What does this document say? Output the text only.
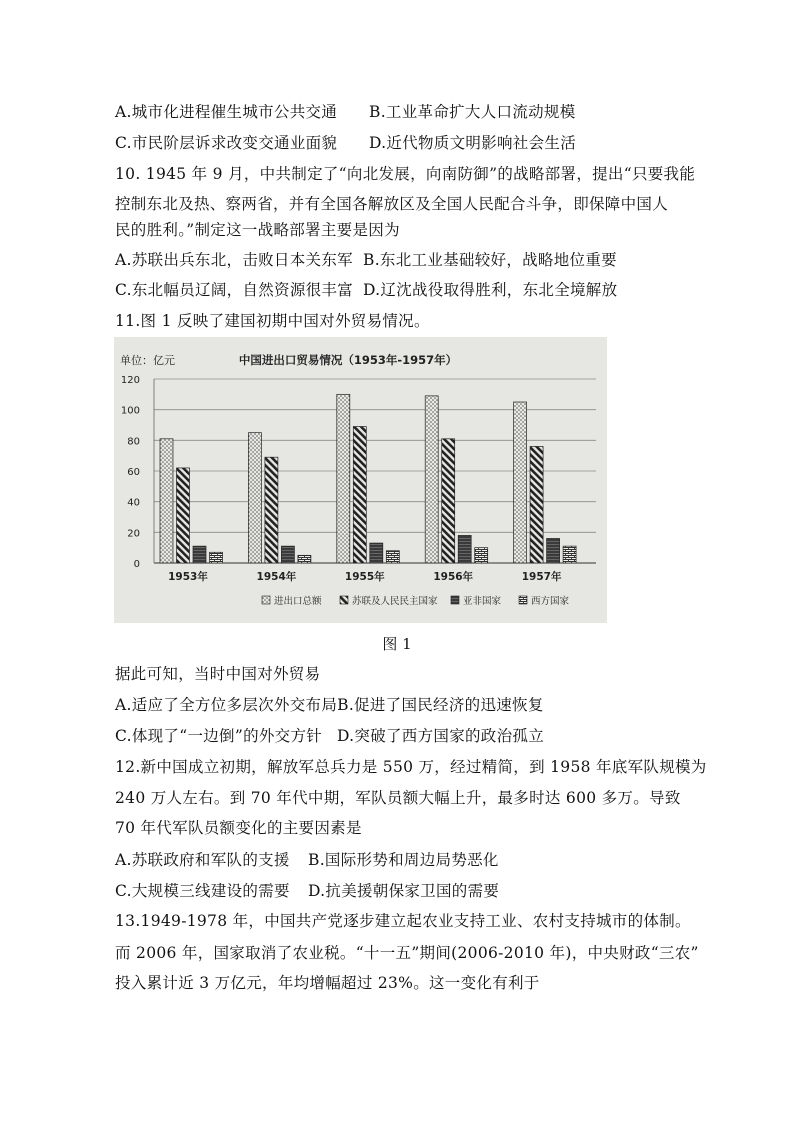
A.城市化进程催生城市公共交通 B.工业革命扩大人口流动规模
C.市民阶层诉求改变交通业面貌 D.近代物质文明影响社会生活
10. 1945 年 9 月，中共制定了“向北发展，向南防御”的战略部署，提出“只要我能
控制东北及热、察两省，并有全国各解放区及全国人民配合斗争，即保障中国人
民的胜利。”制定这一战略部署主要是因为
A.苏联出兵东北，击败日本关东军 B.东北工业基础较好，战略地位重要
C.东北幅员辽阔，自然资源很丰富 D.辽沈战役取得胜利，东北全境解放
11.图 1 反映了建国初期中国对外贸易情况。
单位：亿元	中国进出口贸易情况（1953年-1957年）
0
20
40
60
80
100
120
1953年	1954年	1955年	1956年	1957年
进出口总额	苏联及人民民主国家	亚非国家	西方国家
图 1
据此可知，当时中国对外贸易
A.适应了全方位多层次外交布局B.促进了国民经济的迅速恢复
C.体现了“一边倒”的外交方针 D.突破了西方国家的政治孤立
12.新中国成立初期，解放军总兵力是 550 万，经过精简，到 1958 年底军队规模为
240 万人左右。到 70 年代中期，军队员额大幅上升，最多时达 600 多万。导致
70 年代军队员额变化的主要因素是
A.苏联政府和军队的支援 B.国际形势和周边局势恶化
C.大规模三线建设的需要 D.抗美援朝保家卫国的需要
13.1949-1978 年，中国共产党逐步建立起农业支持工业、农村支持城市的体制。
而 2006 年，国家取消了农业税。“十一五”期间(2006-2010 年)，中央财政“三农”
投入累计近 3 万亿元，年均增幅超过 23%。这一变化有利于
